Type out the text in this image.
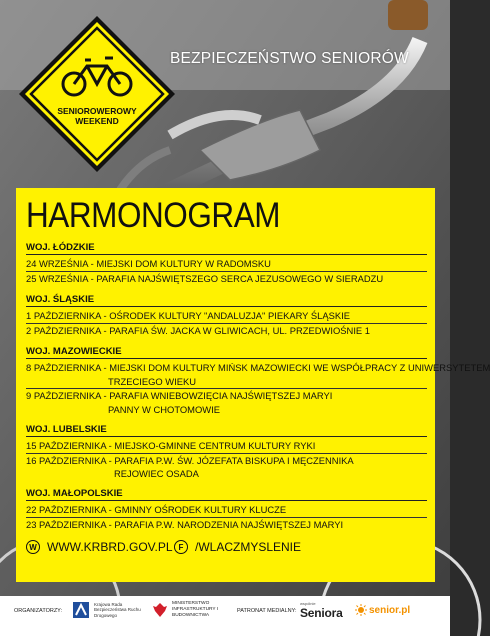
SENIOROWEROWY
WEEKEND
BEZPIECZEŃSTWO SENIORÓW
HARMONOGRAM
WOJ. ŁÓDZKIE
24 WRZEŚNIA - MIEJSKI DOM KULTURY W RADOMSKU
25 WRZEŚNIA - PARAFIA NAJŚWIĘTSZEGO SERCA JEZUSOWEGO W SIERADZU
WOJ. ŚLĄSKIE
1 PAŹDZIERNIKA - OŚRODEK KULTURY "ANDALUZJA" PIEKARY ŚLĄSKIE
2 PAŹDZIERNIKA - PARAFIA ŚW. JACKA W GLIWICACH, UL. PRZEDWIOŚNIE 1
WOJ. MAZOWIECKIE
8 PAŹDZIERNIKA - MIEJSKI DOM KULTURY MIŃSK MAZOWIECKI WE WSPÓŁPRACY Z UNIWERSYTETEM
TRZECIEGO WIEKU
9 PAŹDZIERNIKA - PARAFIA WNIEBOWZIĘCIA NAJŚWIĘTSZEJ MARYI
PANNY W CHOTOMOWIE
WOJ. LUBELSKIE
15 PAŹDZIERNIKA - MIEJSKO-GMINNE CENTRUM KULTURY RYKI
16 PAŹDZIERNIKA - PARAFIA P.W. ŚW. JÓZEFATA BISKUPA I MĘCZENNIKA
REJOWIEC OSADA
WOJ. MAŁOPOLSKIE
22 PAŹDZIERNIKA - GMINNY OŚRODEK KULTURY KLUCZE
23 PAŹDZIERNIKA - PARAFIA P.W. NARODZENIA NAJŚWIĘTSZEJ MARYI
W WWW.KRBRD.GOV.PL F /WLACZMYSLENIE
ORGANIZATORZY:
Krajowa Rada Bezpieczeństwa Ruchu Drogowego
MINISTERSTWO INFRASTRUKTURY I BUDOWNICTWA
PATRONAT MEDIALNY:
wspólnie
Seniora	senior.pl
